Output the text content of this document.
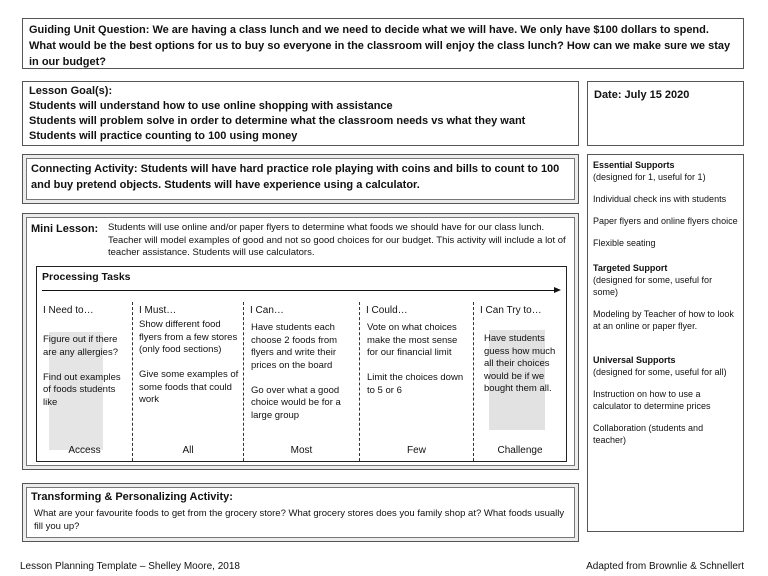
Guiding Unit Question: We are having a class lunch and we need to decide what we will have. We only have $100 dollars to spend. What would be the best options for us to buy so everyone in the classroom will enjoy the class lunch? How can we make sure we stay in our budget?
Lesson Goal(s):
Students will understand how to use online shopping with assistance
Students will problem solve in order to determine what the classroom needs vs what they want
Students will practice counting to 100 using money
Date: July 15 2020
Connecting Activity: Students will have hard practice role playing with coins and bills to count to 100 and buy pretend objects. Students will have experience using a calculator.
Mini Lesson: Students will use online and/or paper flyers to determine what foods we should have for our class lunch. Teacher will model examples of good and not so good choices for our budget. This activity will include a lot of teacher assistance. Students will use calculators.
Processing Tasks
I Need to…
Figure out if there are any allergies?

Find out examples of foods students like
Access
I Must…
Show different food flyers from a few stores (only food sections)

Give some examples of some foods that could work
All
I Can…
Have students each choose 2 foods from flyers and write their prices on the board

Go over what a good choice would be for a large group
Most
I Could…
Vote on what choices make the most sense for our financial limit

Limit the choices down to 5 or 6
Few
I Can Try to…
Have students guess how much all their choices would be if we bought them all.
Challenge
Essential Supports
(designed for 1, useful for 1)
Individual check ins with students
Paper flyers and online flyers choice
Flexible seating
Targeted Support
(designed for some, useful for some)
Modeling by Teacher of how to look at an online or paper flyer.
Universal Supports
(designed for some, useful for all)
Instruction on how to use a calculator to determine prices
Collaboration (students and teacher)
Transforming & Personalizing Activity:
What are your favourite foods to get from the grocery store? What grocery stores does you family shop at? What foods usually fill you up?
Lesson Planning Template – Shelley Moore, 2018	Adapted from Brownlie & Schnellert
